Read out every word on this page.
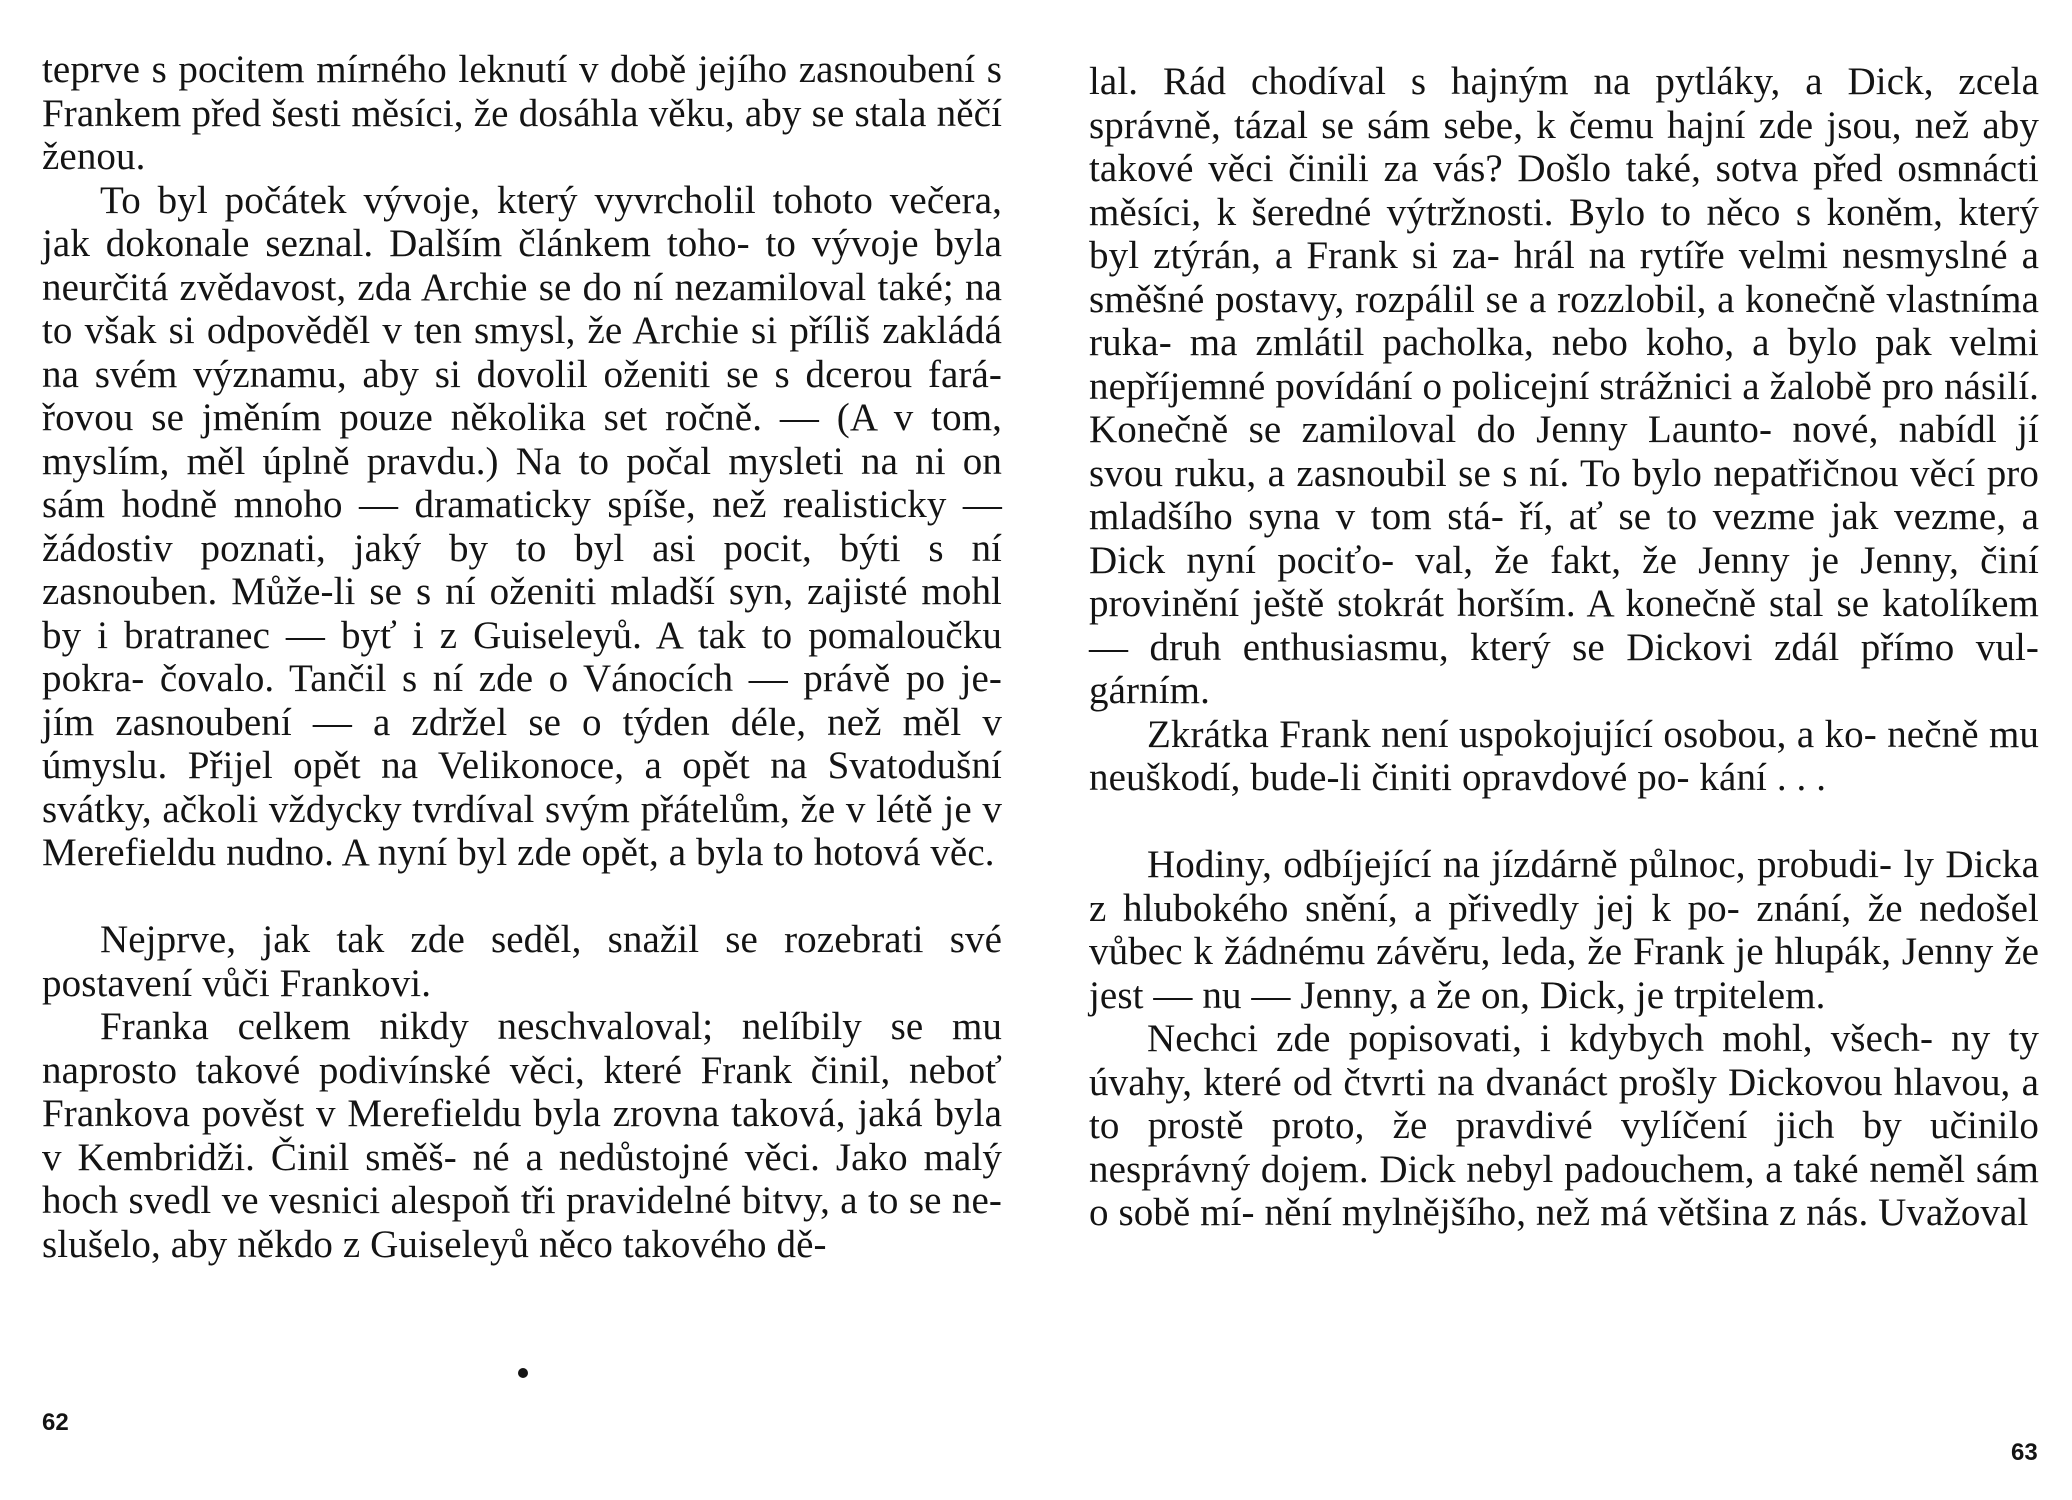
teprve s pocitem mírného leknutí v době jejího zasnoubení s Frankem před šesti měsíci, že dosáhla věku, aby se stala něčí ženou.

To byl počátek vývoje, který vyvrcholil tohoto večera, jak dokonale seznal. Dalším článkem toho- to vývoje byla neurčitá zvědavost, zda Archie se do ní nezamiloval také; na to však si odpověděl v ten smysl, že Archie si příliš zakládá na svém významu, aby si dovolil oženiti se s dcerou fará- řovou se jměním pouze několika set ročně. — (A v tom, myslím, měl úplně pravdu.) Na to počal mysleti na ni on sám hodně mnoho — dramaticky spíše, než realisticky — žádostiv poznati, jaký by to byl asi pocit, býti s ní zasnouben. Může-li se s ní oženiti mladší syn, zajisté mohl by i bratranec — byť i z Guiseleyů. A tak to pomaloučku pokra- čovalo. Tančil s ní zde o Vánocích — právě po je- jím zasnoubení — a zdržel se o týden déle, než měl v úmyslu. Přijel opět na Velikonoce, a opět na Svatodušní svátky, ačkoli vždycky tvrdíval svým přátelům, že v létě je v Merefieldu nudno. A nyní byl zde opět, a byla to hotová věc.

Nejprve, jak tak zde seděl, snažil se rozebrati své postavení vůči Frankovi.

Franka celkem nikdy neschvaloval; nelíbily se mu naprosto takové podivínské věci, které Frank činil, neboť Frankova pověst v Merefieldu byla zrovna taková, jaká byla v Kembridži. Činil směš- né a nedůstojné věci. Jako malý hoch svedl ve vesnici alespoň tři pravidelné bitvy, a to se ne- slušelo, aby někdo z Guiseleyů něco takového dě-

62

lal. Rád chodíval s hajným na pytláky, a Dick, zcela správně, tázal se sám sebe, k čemu hajní zde jsou, než aby takové věci činili za vás? Došlo také, sotva před osmnácti měsíci, k šeredné výtržnosti. Bylo to něco s koněm, který byl ztýrán, a Frank si za- hrál na rytíře velmi nesmyslné a směšné postavy, rozpálil se a rozzlobil, a konečně vlastníma ruka- ma zmlátil pacholka, nebo koho, a bylo pak velmi nepříjemné povídání o policejní strážnici a žalobě pro násilí. Konečně se zamiloval do Jenny Launto- nové, nabídl jí svou ruku, a zasnoubil se s ní. To bylo nepatřičnou věcí pro mladšího syna v tom stá- ří, ať se to vezme jak vezme, a Dick nyní pociťo- val, že fakt, že Jenny je Jenny, činí provinění ještě stokrát horším. A konečně stal se katolíkem — druh enthusiasmu, který se Dickovi zdál přímo vul- gárním.

Zkrátka Frank není uspokojující osobou, a ko- nečně mu neuškodí, bude-li činiti opravdové po- kání . . .

Hodiny, odbíjející na jízdárně půlnoc, probudi- ly Dicka z hlubokého snění, a přivedly jej k po- znání, že nedošel vůbec k žádnému závěru, leda, že Frank je hlupák, Jenny že jest — nu — Jenny, a že on, Dick, je trpitelem.

Nechci zde popisovati, i kdybych mohl, všech- ny ty úvahy, které od čtvrti na dvanáct prošly Dickovou hlavou, a to prostě proto, že pravdivé vylíčení jich by učinilo nesprávný dojem. Dick nebyl padouchem, a také neměl sám o sobě mí- nění mylnějšího, než má většina z nás. Uvažoval

63
